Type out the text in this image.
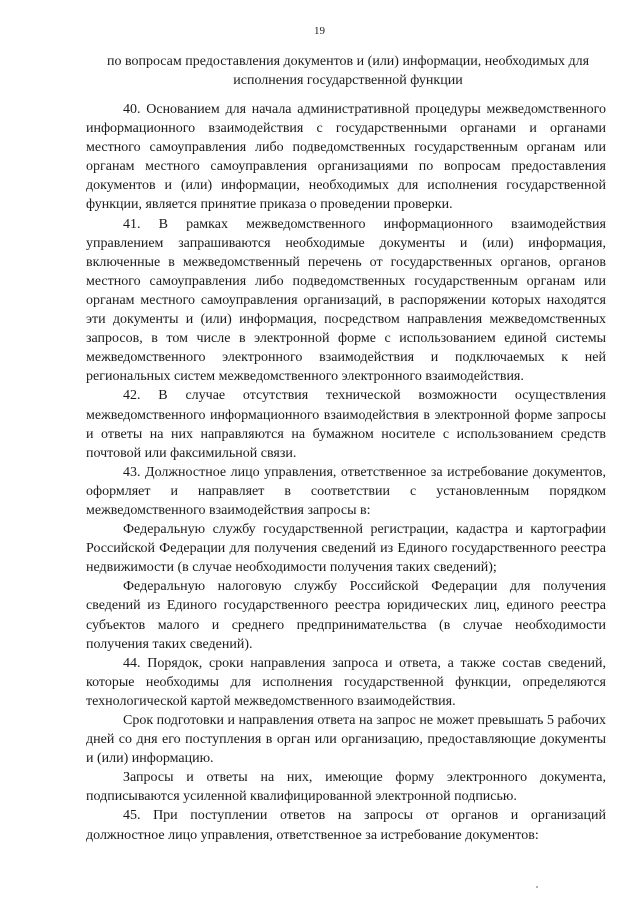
19
по вопросам предоставления документов и (или) информации, необходимых для исполнения государственной функции

40. Основанием для начала административной процедуры межведомственного информационного взаимодействия с государственными органами и органами местного самоуправления либо подведомственных государственным органам или органам местного самоуправления организациями по вопросам предоставления документов и (или) информации, необходимых для исполнения государственной функции, является принятие приказа о проведении проверки.

41. В рамках межведомственного информационного взаимодействия управлением запрашиваются необходимые документы и (или) информация, включенные в межведомственный перечень от государственных органов, органов местного самоуправления либо подведомственных государственным органам или органам местного самоуправления организаций, в распоряжении которых находятся эти документы и (или) информация, посредством направления межведомственных запросов, в том числе в электронной форме с использованием единой системы межведомственного электронного взаимодействия и подключаемых к ней региональных систем межведомственного электронного взаимодействия.

42. В случае отсутствия технической возможности осуществления межведомственного информационного взаимодействия в электронной форме запросы и ответы на них направляются на бумажном носителе с использованием средств почтовой или факсимильной связи.

43. Должностное лицо управления, ответственное за истребование документов, оформляет и направляет в соответствии с установленным порядком межведомственного взаимодействия запросы в:

Федеральную службу государственной регистрации, кадастра и картографии Российской Федерации для получения сведений из Единого государственного реестра недвижимости (в случае необходимости получения таких сведений);

Федеральную налоговую службу Российской Федерации для получения сведений из Единого государственного реестра юридических лиц, единого реестра субъектов малого и среднего предпринимательства (в случае необходимости получения таких сведений).

44. Порядок, сроки направления запроса и ответа, а также состав сведений, которые необходимы для исполнения государственной функции, определяются технологической картой межведомственного взаимодействия.

Срок подготовки и направления ответа на запрос не может превышать 5 рабочих дней со дня его поступления в орган или организацию, предоставляющие документы и (или) информацию.

Запросы и ответы на них, имеющие форму электронного документа, подписываются усиленной квалифицированной электронной подписью.

45. При поступлении ответов на запросы от органов и организаций должностное лицо управления, ответственное за истребование документов:
